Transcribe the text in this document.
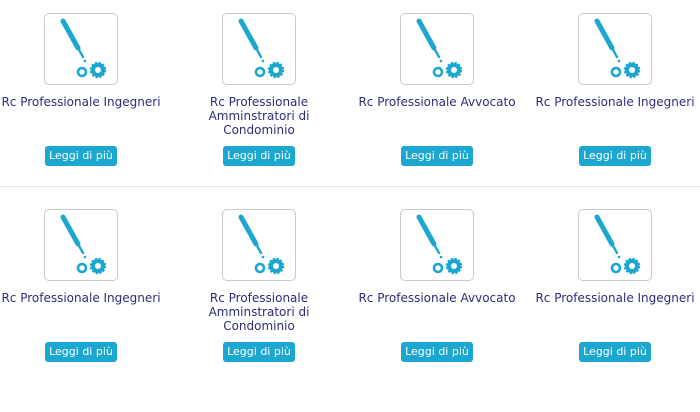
Rc Professionale Ingegneri
Leggi di più
Rc Professionale Amminstratori di Condominio
Leggi di più
Rc Professionale Avvocato
Leggi di più
Rc Professionale Ingegneri
Leggi di più
Rc Professionale Ingegneri
Leggi di più
Rc Professionale Amminstratori di Condominio
Leggi di più
Rc Professionale Avvocato
Leggi di più
Rc Professionale Ingegneri
Leggi di più
